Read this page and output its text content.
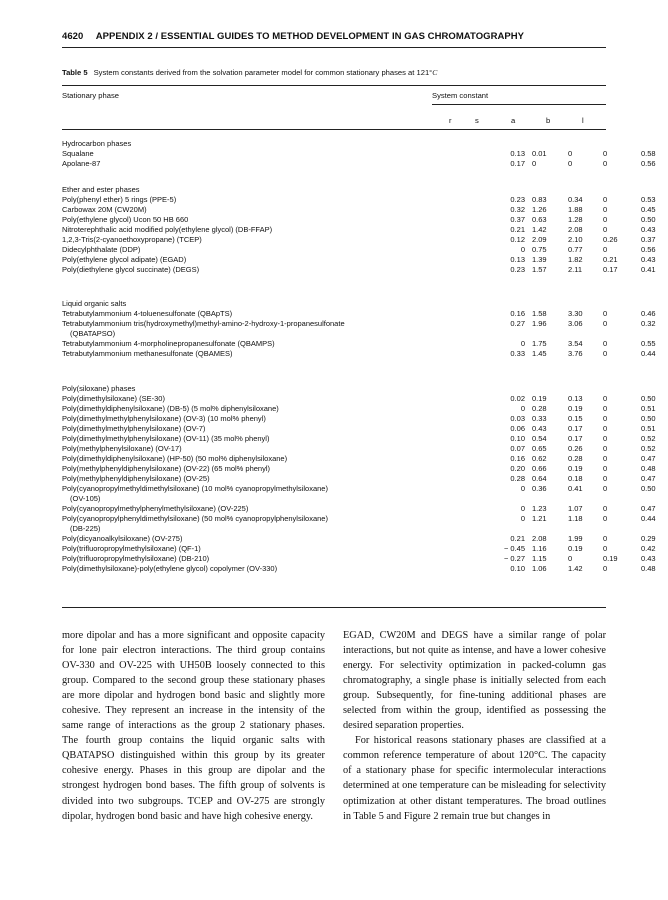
4620 APPENDIX 2 / ESSENTIAL GUIDES TO METHOD DEVELOPMENT IN GAS CHROMATOGRAPHY
Table 5 System constants derived from the solvation parameter model for common stationary phases at 121°C
Stationary phase	System constant
r	s	a	b	l
Hydrocarbon phases
Squalane	0.13 0.01	0	0	0.58
Apolane-87	0.17 0	0	0	0.56
Ether and ester phases
Poly(phenyl ether) 5 rings (PPE-5)	0.23 0.83	0.34	0	0.53
Carbowax 20M (CW20M)	0.32 1.26	1.88	0	0.45
Poly(ethylene glycol) Ucon 50 HB 660	0.37 0.63	1.28	0	0.50
Nitroterephthalic acid modified poly(ethylene glycol) (DB-FFAP)	0.21 1.42	2.08	0	0.43
1,2,3-Tris(2-cyanoethoxypropane) (TCEP)	0.12 2.09	2.10	0.26	0.37
Didecylphthalate (DDP)	0 0.75	0.77	0	0.56
Poly(ethylene glycol adipate) (EGAD)	0.13 1.39	1.82	0.21	0.43
Poly(diethylene glycol succinate) (DEGS)	0.23 1.57	2.11	0.17	0.41
Liquid organic salts
Tetrabutylammonium 4-toluenesulfonate (QBApTS)	0.16 1.58	3.30	0	0.46
Tetrabutylammonium tris(hydroxymethyl)methyl-amino-2-hydroxy-1-propanesulfonate	0.27 1.96	3.06	0	0.32
(QBATAPSO)
Tetrabutylammonium 4-morpholinepropanesulfonate (QBAMPS)	0 1.75	3.54	0	0.55
Tetrabutylammonium methanesulfonate (QBAMES)	0.33 1.45	3.76	0	0.44
Poly(siloxane) phases
Poly(dimethylsiloxane) (SE-30)	0.02 0.19	0.13	0	0.50
Poly(dimethyldiphenylsiloxane) (DB-5) (5 mol% diphenylsiloxane)	0 0.28	0.19	0	0.51
Poly(dimethylmethylphenylsiloxane) (OV-3) (10 mol% phenyl)	0.03 0.33	0.15	0	0.50
Poly(dimethylmethylphenylsiloxane) (OV-7)	0.06 0.43	0.17	0	0.51
Poly(dimethylmethylphenylsiloxane) (OV-11) (35 mol% phenyl)	0.10 0.54	0.17	0	0.52
Poly(methylphenylsiloxane) (OV-17)	0.07 0.65	0.26	0	0.52
Poly(dimethyldiphenylsiloxane) (HP-50) (50 mol% diphenylsiloxane)	0.16 0.62	0.28	0	0.47
Poly(methylphenyldiphenylsiloxane) (OV-22) (65 mol% phenyl)	0.20 0.66	0.19	0	0.48
Poly(methylphenyldiphenylsiloxane) (OV-25)	0.28 0.64	0.18	0	0.47
Poly(cyanopropylmethyldimethylsiloxane) (10 mol% cyanopropylmethylsiloxane)	0 0.36	0.41	0	0.50
(OV-105)
Poly(cyanopropylmethylphenylmethylsiloxane) (OV-225)	0 1.23	1.07	0	0.47
Poly(cyanopropylphenyldimethylsiloxane) (50 mol% cyanopropylphenylsiloxane)	0 1.21	1.18	0	0.44
(DB-225)
Poly(dicyanoalkylsiloxane) (OV-275)	0.21 2.08	1.99	0	0.29
Poly(trifluoropropylmethylsiloxane) (QF-1)	− 0.45 1.16	0.19	0	0.42
Poly(trifluoropropylmethylsiloxane) (DB-210)	− 0.27 1.15	0	0.19	0.43
Poly(dimethylsiloxane)-poly(ethylene glycol) copolymer (OV-330)	0.10 1.06	1.42	0	0.48

more dipolar and has a more significant and opposite capacity for lone pair electron interactions. The third group contains OV-330 and OV-225 with UH50B loosely connected to this group. Compared to the second group these stationary phases are more dipolar and hydrogen bond basic and slightly more cohesive. They represent an increase in the intensity of the same range of interactions as the group 2 stationary phases. The fourth group contains the liquid organic salts with QBATAPSO distinguished within this group by its greater cohesive energy. Phases in this group are dipolar and the strongest hydrogen bond bases. The fifth group of solvents is divided into two subgroups. TCEP and OV-275 are strongly dipolar, hydrogen bond basic and have high cohesive energy.

EGAD, CW20M and DEGS have a similar range of polar interactions, but not quite as intense, and have a lower cohesive energy. For selectivity optimization in packed-column gas chromatography, a single phase is initially selected from each group. Subsequently, for fine-tuning additional phases are selected from within the group, identified as possessing the desired separation properties.

For historical reasons stationary phases are classified at a common reference temperature of about 120°C. The capacity of a stationary phase for specific intermolecular interactions determined at one temperature can be misleading for selectivity optimization at other distant temperatures. The broad outlines in Table 5 and Figure 2 remain true but changes in
